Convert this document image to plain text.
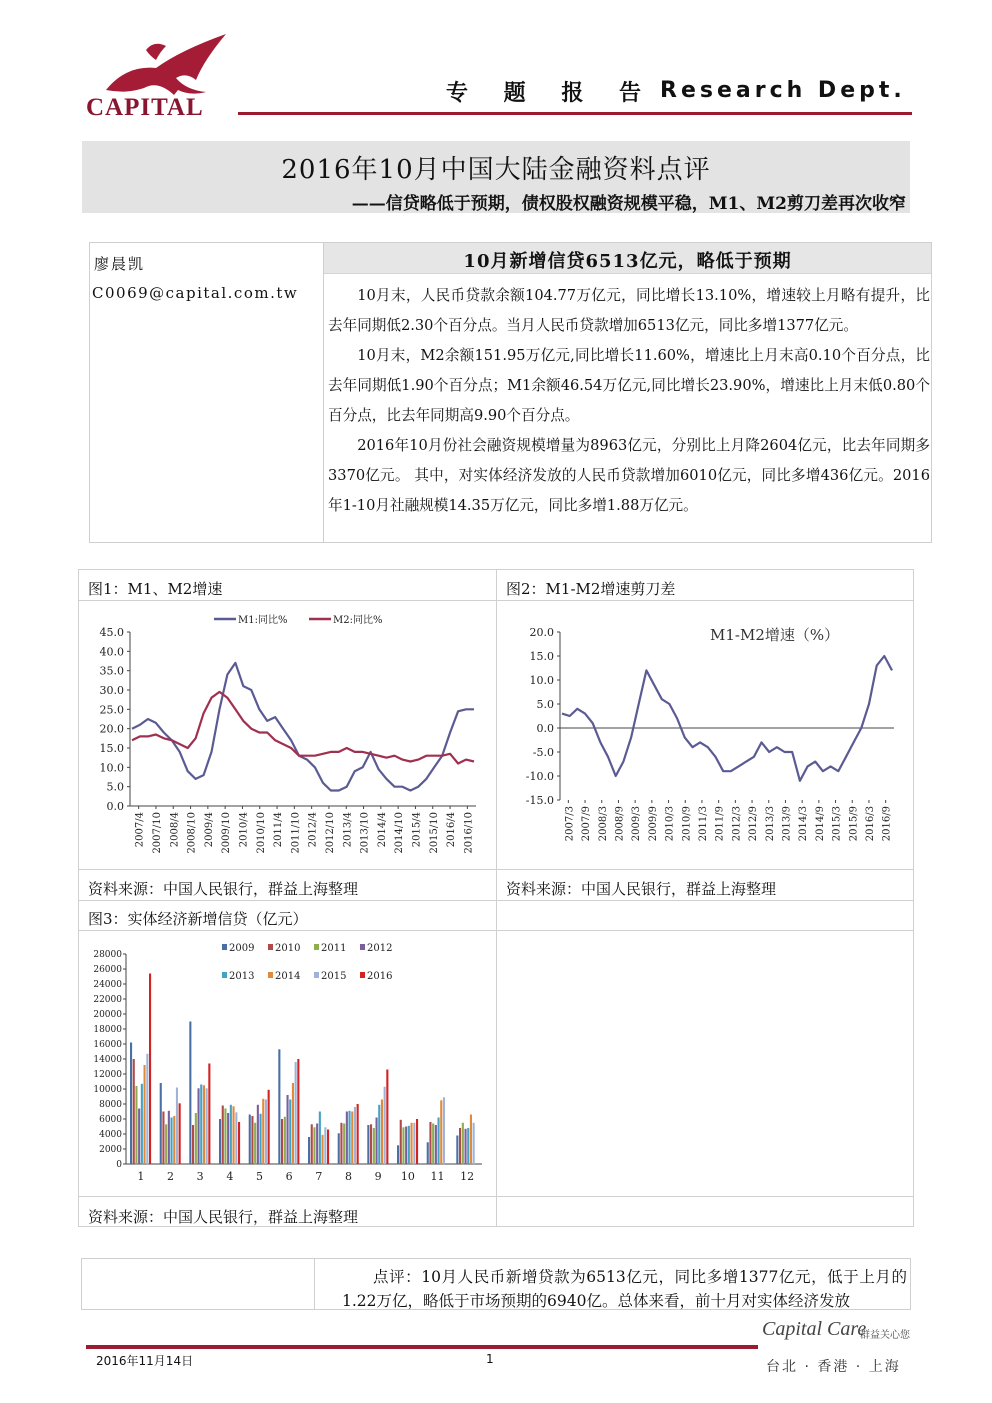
CAPITAL
专 题 报 告 Research Dept.
2016年10月中国大陆金融资料点评
——信贷略低于预期，债权股权融资规模平稳，M1、M2剪刀差再次收窄
廖晨凯
C0069@capital.com.tw
10月新增信贷6513亿元，略低于预期

10月末，人民币贷款余额104.77万亿元，同比增长13.10%，增速较上月略有提升，比去年同期低2.30个百分点。当月人民币贷款增加6513亿元，同比多增1377亿元。

10月末，M2余额151.95万亿元,同比增长11.60%，增速比上月末高0.10个百分点，比去年同期低1.90个百分点；M1余额46.54万亿元,同比增长23.90%，增速比上月末低0.80个百分点，比去年同期高9.90个百分点。

2016年10月份社会融资规模增量为8963亿元，分别比上月降2604亿元，比去年同期多3370亿元。 其中，对实体经济发放的人民币贷款增加6010亿元，同比多增436亿元。2016年1-10月社融规模14.35万亿元，同比多增1.88万亿元。

图1：M1、M2增速	图2：M1-M2增速剪刀差
资料来源：中国人民银行，群益上海整理	资料来源：中国人民银行，群益上海整理
图3：实体经济新增信贷（亿元）
资料来源：中国人民银行，群益上海整理
45.0
40.0
35.0
30.0
25.0
20.0
15.0
10.0
5.0
0.0
2007/4 2007/10 2008/4 2008/10 2009/4 2009/10 2010/4 2010/10 2011/4 2011/10 2012/4 2012/10 2013/4 2013/10 2014/4 2014/10 2015/4 2015/10 2016/4 2016/10
M1:同比%	M2:同比%
20.0
15.0
10.0
5.0
0.0
-5.0
-10.0
-15.0
2007/3 2007/9 2008/3 2008/9 2009/3 2009/9 2010/3 2010/9 2011/3 2011/9 2012/3 2012/9 2013/3 2013/9 2014/3 2014/9 2015/3 2015/9 2016/3 2016/9
M1-M2增速（%）
28000
26000
24000
22000
20000
18000
16000
14000
12000
10000
8000
6000
4000
2000
0
1 2 3 4 5 6 7 8 9 10 11 12
2009 2010 2011 2012
2013 2014 2015 2016
点评：10月人民币新增贷款为6513亿元，同比多增1377亿元，低于上月的1.22万亿，略低于市场预期的6940亿。总体来看，前十月对实体经济发放
2016年11月14日	1
Capital Care
群益关心您
台北 · 香港 · 上海
